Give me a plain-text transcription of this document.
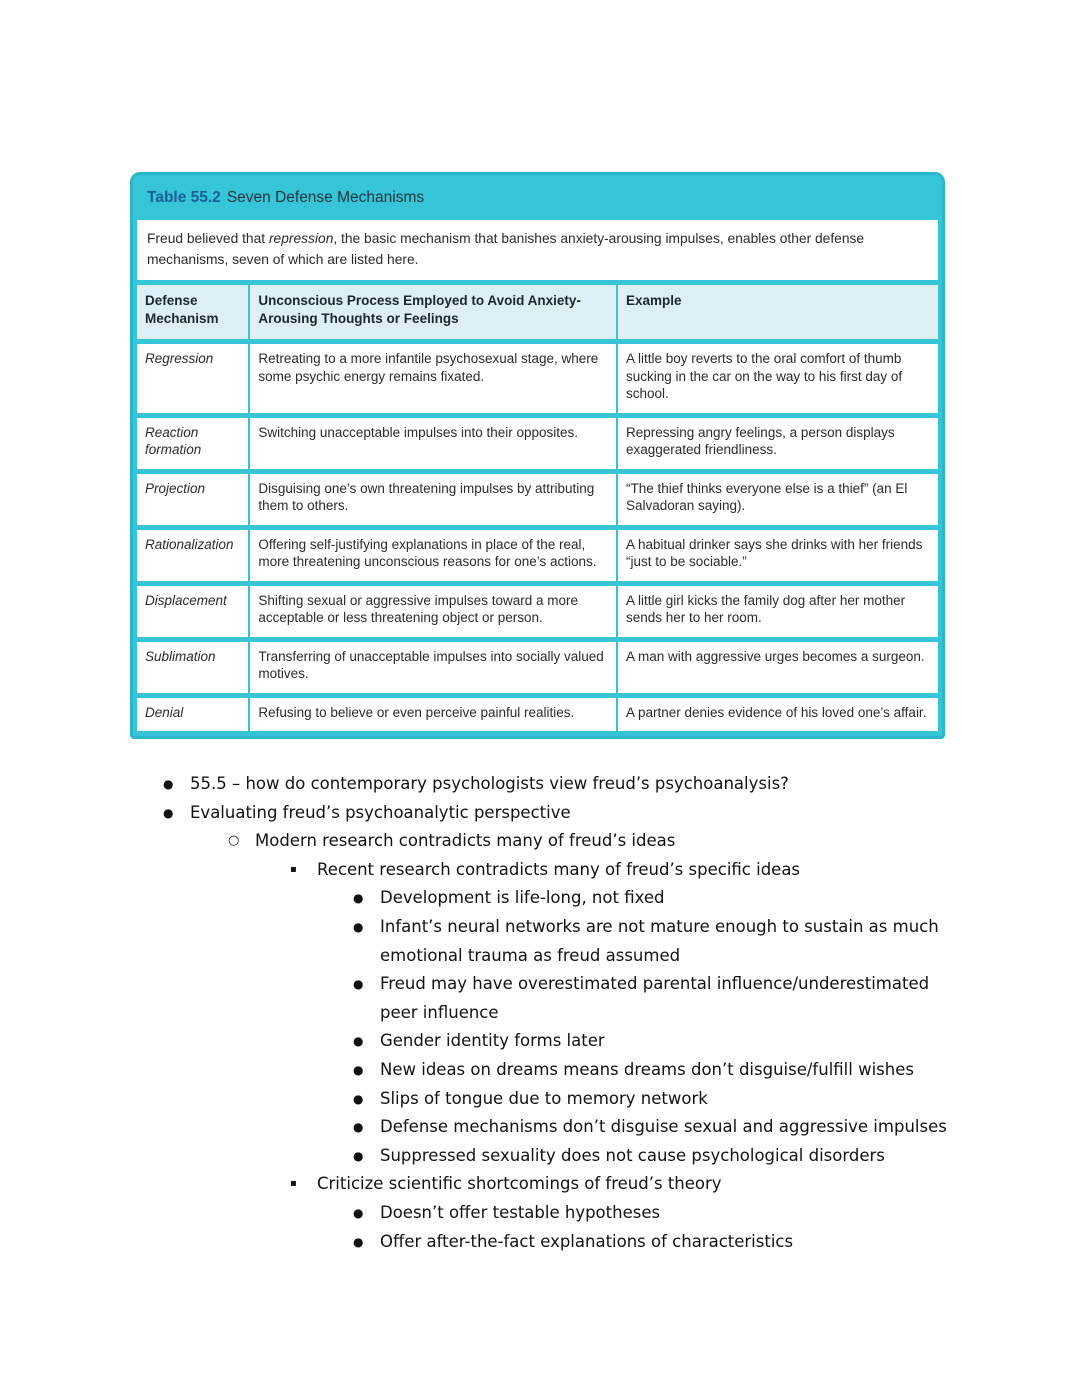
Table 55.2 Seven Defense Mechanisms
Freud believed that repression, the basic mechanism that banishes anxiety-arousing impulses, enables other defense mechanisms, seven of which are listed here.
Defense Mechanism	Unconscious Process Employed to Avoid Anxiety-Arousing Thoughts or Feelings	Example
Regression	Retreating to a more infantile psychosexual stage, where some psychic energy remains fixated.	A little boy reverts to the oral comfort of thumb sucking in the car on the way to his first day of school.
Reaction formation	Switching unacceptable impulses into their opposites.	Repressing angry feelings, a person displays exaggerated friendliness.
Projection	Disguising one’s own threatening impulses by attributing them to others.	“The thief thinks everyone else is a thief” (an El Salvadoran saying).
Rationalization	Offering self-justifying explanations in place of the real, more threatening unconscious reasons for one’s actions.	A habitual drinker says she drinks with her friends “just to be sociable.”
Displacement	Shifting sexual or aggressive impulses toward a more acceptable or less threatening object or person.	A little girl kicks the family dog after her mother sends her to her room.
Sublimation	Transferring of unacceptable impulses into socially valued motives.	A man with aggressive urges becomes a surgeon.
Denial	Refusing to believe or even perceive painful realities.	A partner denies evidence of his loved one’s affair.
●	55.5 – how do contemporary psychologists view freud’s psychoanalysis?
●	Evaluating freud’s psychoanalytic perspective
○ Modern research contradicts many of freud’s ideas
▪	Recent research contradicts many of freud’s specific ideas
●	Development is life-long, not fixed
●	Infant’s neural networks are not mature enough to sustain as much emotional trauma as freud assumed
●	Freud may have overestimated parental influence/underestimated peer influence
●	Gender identity forms later
●	New ideas on dreams means dreams don’t disguise/fulfill wishes
●	Slips of tongue due to memory network
●	Defense mechanisms don’t disguise sexual and aggressive impulses
●	Suppressed sexuality does not cause psychological disorders
▪	Criticize scientific shortcomings of freud’s theory
●	Doesn’t offer testable hypotheses
●	Offer after-the-fact explanations of characteristics
